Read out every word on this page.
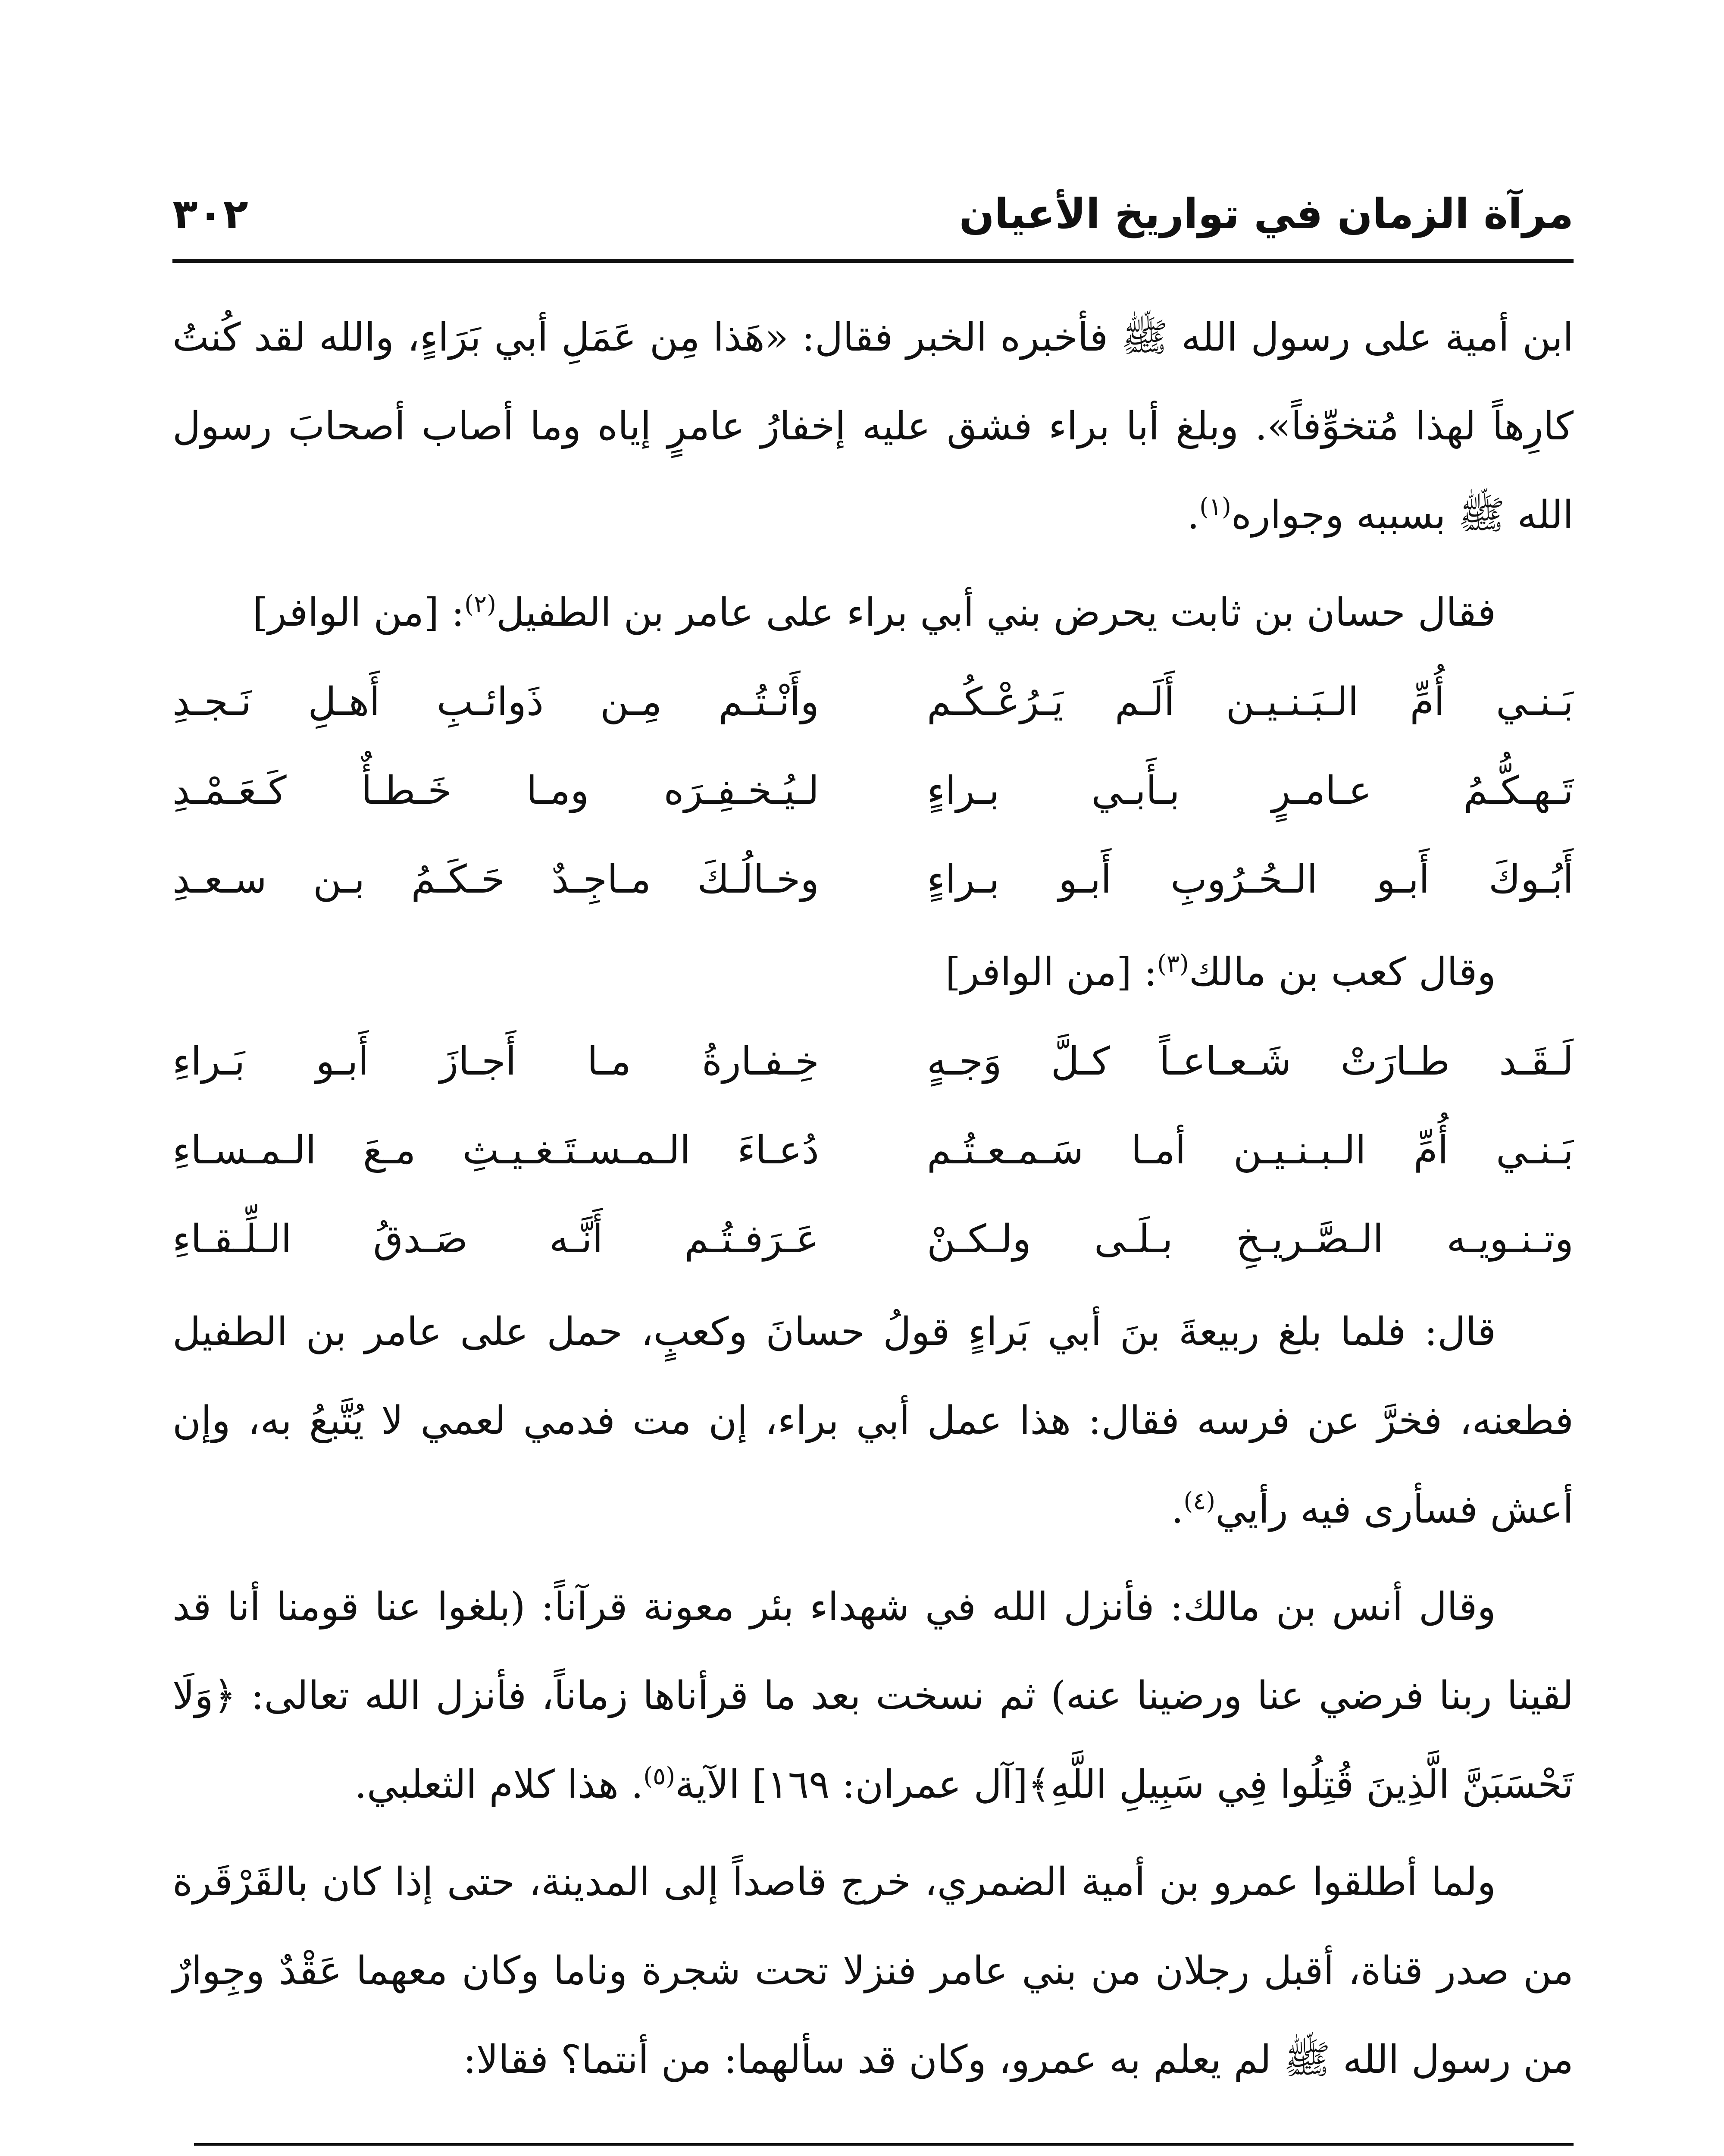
مرآة الزمان في تواريخ الأعيان
٣٠٢

ابن أمية على رسول الله ﷺ فأخبره الخبر فقال: «هَذا مِن عَمَلِ أبي بَرَاءٍ، والله لقد كُنتُ كارِهاً لهذا مُتخوِّفاً». وبلغ أبا براء فشق عليه إخفارُ عامرٍ إياه وما أصاب أصحابَ رسول الله ﷺ بسببه وجواره$^{(١)}$.

فقال حسان بن ثابت يحرض بني أبي براء على عامر بن الطفيل$^{(٢)}$: [من الوافر]

بَـنـي أُمِّ الـبَـنـيـن أَلَـم يَـرُعْـكُـم
وأَنْـتُـم مِـن ذَوائـبِ أَهـلِ نَـجـدِ
تَـهـكُّـمُ عـامـرٍ بـأَبـي بـراءٍ
لـيُـخـفِـرَه ومـا خَـطـأٌ كَـعَـمْـدِ
أَبُـوكَ أَبـو الـحُـرُوبِ أَبـو بـراءٍ
وخـالُـكَ مـاجِـدٌ حَـكَـمُ بـن سـعـدِ

وقال كعب بن مالك$^{(٣)}$: [من الوافر]

لَـقَـد طـارَتْ شَـعـاعـاً كـلَّ وَجـهٍ
خِـفـارةُ مـا أَجـازَ أَبـو بَـراءِ
بَـنـي أُمِّ الـبـنـيـن أمـا سَـمـعـتُـم
دُعـاءَ الـمـسـتَـغـيـثِ مـعَ الـمـسـاءِ
وتـنـويـه الـصَّـريـخِ بـلَـى ولـكـنْ
عَـرَفـتُـم أَنَّـه صَـدقُ الـلِّـقـاءِ

قال: فلما بلغ ربيعةَ بنَ أبي بَراءٍ قولُ حسانَ وكعبٍ، حمل على عامر بن الطفيل فطعنه، فخرَّ عن فرسه فقال: هذا عمل أبي براء، إن مت فدمي لعمي لا يُتَّبعُ به، وإن أعش فسأرى فيه رأيي$^{(٤)}$.

وقال أنس بن مالك: فأنزل الله في شهداء بئر معونة قرآناً: (بلغوا عنا قومنا أنا قد لقينا ربنا فرضي عنا ورضينا عنه) ثم نسخت بعد ما قرأناها زماناً، فأنزل الله تعالى: ﴿وَلَا تَحْسَبَنَّ الَّذِينَ قُتِلُوا فِي سَبِيلِ اللَّهِ﴾[آل عمران: ١٦٩] الآية$^{(٥)}$. هذا كلام الثعلبي.

ولما أطلقوا عمرو بن أمية الضمري، خرج قاصداً إلى المدينة، حتى إذا كان بالقَرْقَرة من صدر قناة، أقبل رجلان من بني عامر فنزلا تحت شجرة وناما وكان معهما عَقْدٌ وجِوارٌ من رسول الله ﷺ لم يعلم به عمرو، وكان قد سألهما: من أنتما؟ فقالا:
